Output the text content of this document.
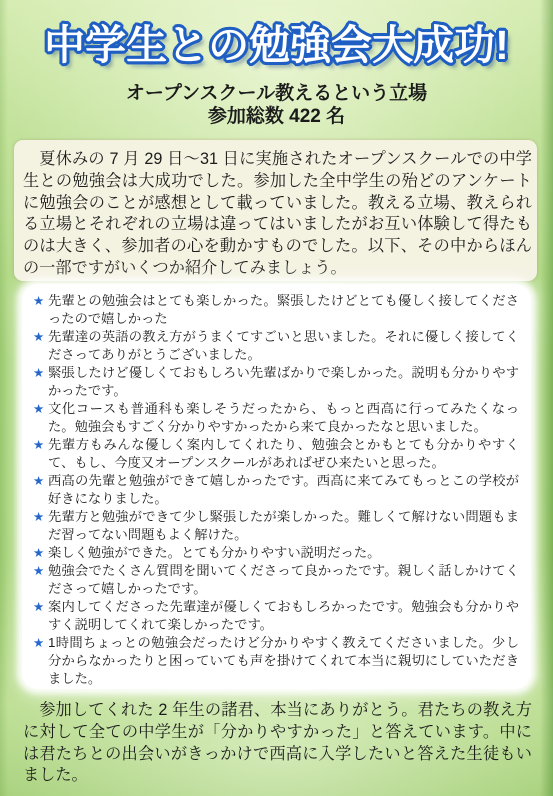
中学生との勉強会大成功!
オープンスクール教えるという立場
参加総数 422 名

夏休みの 7 月 29 日～31 日に実施されたオープンスクールでの中学生との勉強会は大成功でした。参加した全中学生の殆どのアンケートに勉強会のことが感想として載っていました。教える立場、教えられる立場とそれぞれの立場は違ってはいましたがお互い体験して得たものは大きく、参加者の心を動かすものでした。以下、その中からほんの一部ですがいくつか紹介してみましょう。

★ 先輩との勉強会はとても楽しかった。緊張したけどとても優しく接してくださったので嬉しかった

★ 先輩達の英語の教え方がうまくてすごいと思いました。それに優しく接してくださってありがとうございました。

★ 緊張したけど優しくておもしろい先輩ばかりで楽しかった。説明も分かりやすかったです。

★ 文化コースも普通科も楽しそうだったから、もっと西高に行ってみたくなった。勉強会もすごく分かりやすかったから来て良かったなと思いました。

★ 先輩方もみんな優しく案内してくれたり、勉強会とかもとても分かりやすくて、もし、今度又オープンスクールがあればぜひ来たいと思った。

★ 西高の先輩と勉強ができて嬉しかったです。西高に来てみてもっとこの学校が好きになりました。

★ 先輩方と勉強ができて少し緊張したが楽しかった。難しくて解けない問題もまだ習ってない問題もよく解けた。

★ 楽しく勉強ができた。とても分かりやすい説明だった。

★ 勉強会でたくさん質問を聞いてくださって良かったです。親しく話しかけてくださって嬉しかったです。

★ 案内してくださった先輩達が優しくておもしろかったです。勉強会も分かりやすく説明してくれて楽しかったです。

★ 1時間ちょっとの勉強会だったけど分かりやすく教えてくださいました。少し分からなかったりと困っていても声を掛けてくれて本当に親切にしていただきました。

参加してくれた 2 年生の諸君、本当にありがとう。君たちの教え方に対して全ての中学生が「分かりやすかった」と答えています。中には君たちとの出会いがきっかけで西高に入学したいと答えた生徒もいました。
